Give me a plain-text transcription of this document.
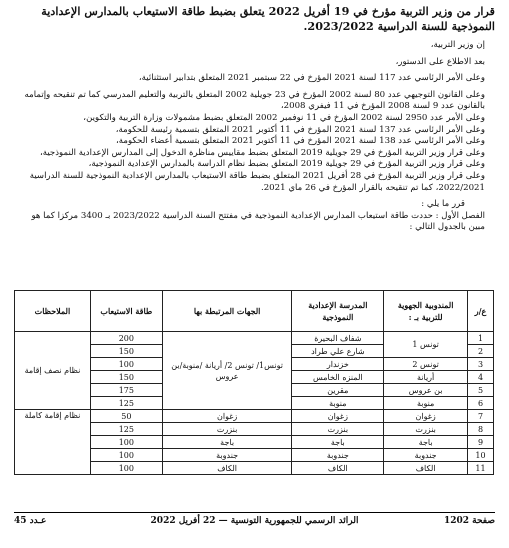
قرار من وزير التربية مؤرخ في 19 أفريل 2022 يتعلق بضبط طاقة الاستيعاب بالمدارس الإعدادية النموذجية للسنة الدراسية 2023/2022.

إن وزير التربية،

بعد الاطلاع على الدستور،

وعلى الأمر الرئاسي عدد 117 لسنة 2021 المؤرخ في 22 سبتمبر 2021 المتعلق بتدابير استثنائية،

وعلى القانون التوجيهي عدد 80 لسنة 2002 المؤرخ في 23 جويلية 2002 المتعلق بالتربية والتعليم المدرسي كما تم تنقيحه وإتمامه بالقانون عدد 9 لسنة 2008 المؤرخ في 11 فيفري 2008،

وعلى الأمر عدد 2950 لسنة 2002 المؤرخ في 11 نوفمبر 2002 المتعلق بضبط مشمولات وزارة التربية والتكوين،

وعلى الأمر الرئاسي عدد 137 لسنة 2021 المؤرخ في 11 أكتوبر 2021 المتعلق بتسمية رئيسة للحكومة،

وعلى الأمر الرئاسي عدد 138 لسنة 2021 المؤرخ في 11 أكتوبر 2021 المتعلق بتسمية أعضاء الحكومة،

وعلى قرار وزير التربية المؤرخ في 29 جويلية 2019 المتعلق بضبط مقاييس مناظرة الدخول إلى المدارس الإعدادية النموذجية،

وعلى قرار وزير التربية المؤرخ في 29 جويلية 2019 المتعلق بضبط نظام الدراسة بالمدارس الإعدادية النموذجية،

وعلى قرار وزير التربية المؤرخ في 28 أفريل 2021 المتعلق بضبط طاقة الاستيعاب بالمدارس الإعدادية النموذجية للسنة الدراسية 2022/2021، كما تم تنقيحه بالقرار المؤرخ في 26 ماي 2021.

قرر ما يلي :

الفصل الأول : حددت طاقة استيعاب المدارس الإعدادية النموذجية في مفتتح السنة الدراسية 2023/2022 بـ 3400 مركزا كما هو مبين بالجدول التالي :

ع/ر	المندوبية الجهوية للتربية بـ :	المدرسة الإعدادية النموذجية	الجهات المرتبطة بها	طاقة الاستيعاب	الملاحظات
1	تونس 1	شفاف البحيرة	تونس1/ تونس 2/ أريانة /منوبة/بن عروس	200	نظام نصف إقامة
2		شارع علي طراد		150	
3	تونس 2	خزندار		100	
4	أريانة	المنزه الخامس		150	
5	بن عروس	مقرين		175	
6	منوبة	منوبة		125	
7	زغوان	زغوان	زغوان	50	نظام إقامة كاملة
8	بنزرت	بنزرت	بنزرت	125	
9	باجة	باجة	باجة	100	
10	جندوبة	جندوبة	جندوبة	100	
11	الكاف	الكاف	الكاف	100	
صفحة 1202
الرائد الرسمي للجمهورية التونسية — 22 أفريل 2022
عـدد 45
